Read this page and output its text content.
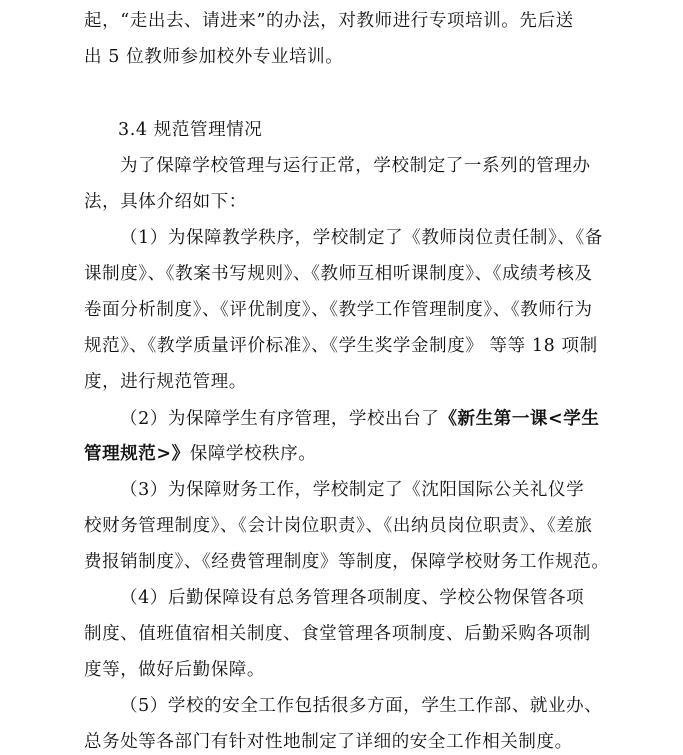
起，“走出去、请进来”的办法，对教师进行专项培训。先后送
出 5 位教师参加校外专业培训。
3.4 规范管理情况
为了保障学校管理与运行正常，学校制定了一系列的管理办
法，具体介绍如下：
（1）为保障教学秩序，学校制定了《教师岗位责任制》、《备
课制度》、《教案书写规则》、《教师互相听课制度》、《成绩考核及
卷面分析制度》、《评优制度》、《教学工作管理制度》、《教师行为
规范》、《教学质量评价标准》、《学生奖学金制度》 等等 18 项制
度，进行规范管理。
（2）为保障学生有序管理，学校出台了《新生第一课<学生
管理规范>》保障学校秩序。
（3）为保障财务工作，学校制定了《沈阳国际公关礼仪学
校财务管理制度》、《会计岗位职责》、《出纳员岗位职责》、《差旅
费报销制度》、《经费管理制度》等制度，保障学校财务工作规范。
（4）后勤保障设有总务管理各项制度、学校公物保管各项
制度、值班值宿相关制度、食堂管理各项制度、后勤采购各项制
度等，做好后勤保障。
（5）学校的安全工作包括很多方面，学生工作部、就业办、
总务处等各部门有针对性地制定了详细的安全工作相关制度。
